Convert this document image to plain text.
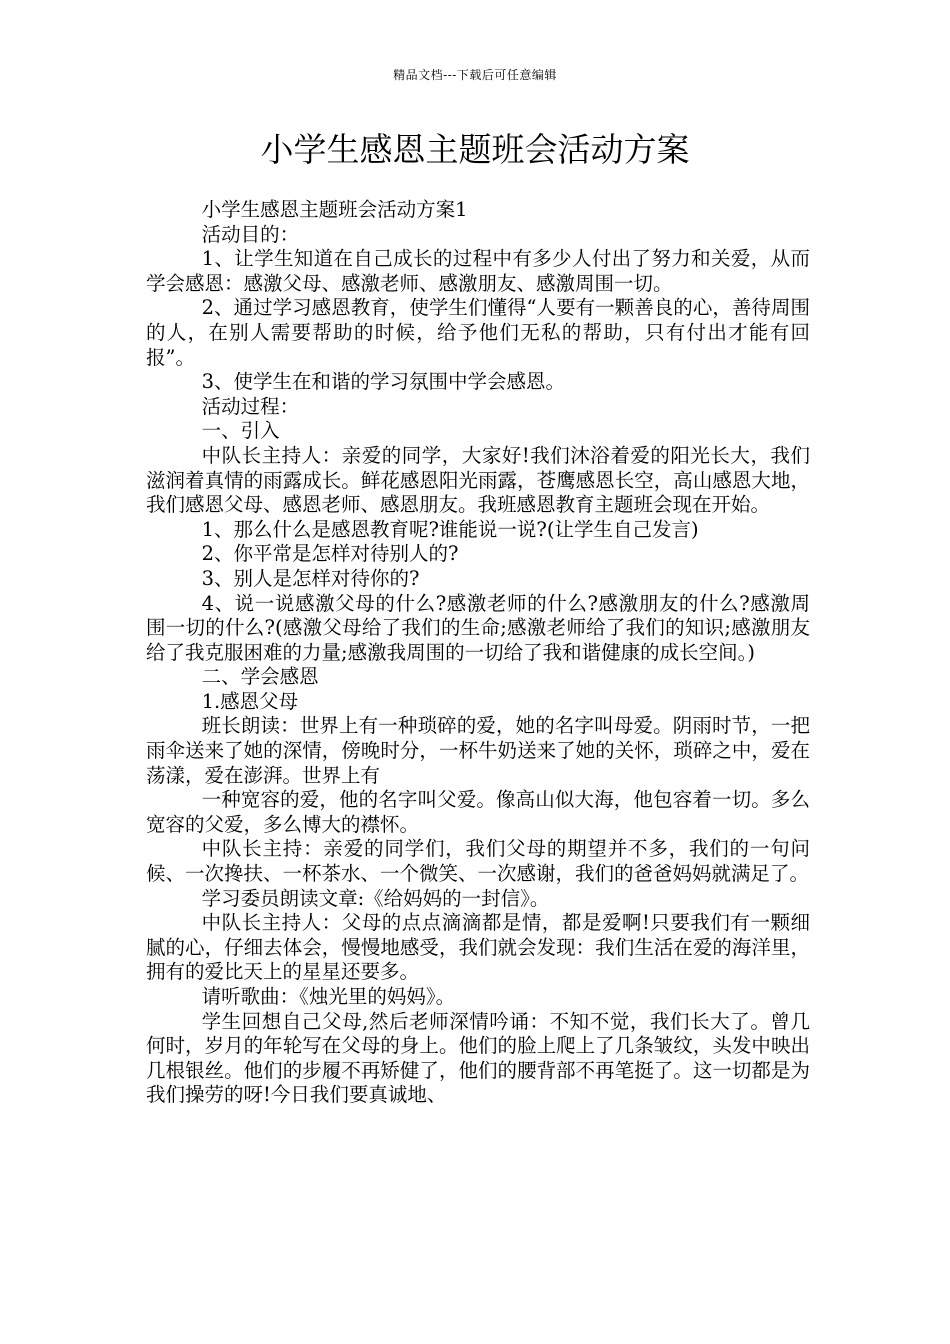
精品文档---下载后可任意编辑
小学生感恩主题班会活动方案

小学生感恩主题班会活动方案1

活动目的：

1、让学生知道在自己成长的过程中有多少人付出了努力和关爱，从而学会感恩：感激父母、感激老师、感激朋友、感激周围一切。

2、通过学习感恩教育，使学生们懂得“人要有一颗善良的心，善待周围的人，在别人需要帮助的时候，给予他们无私的帮助，只有付出才能有回报”。

3、使学生在和谐的学习氛围中学会感恩。

活动过程：

一、引入

中队长主持人：亲爱的同学，大家好!我们沐浴着爱的阳光长大，我们滋润着真情的雨露成长。鲜花感恩阳光雨露，苍鹰感恩长空，高山感恩大地，我们感恩父母、感恩老师、感恩朋友。我班感恩教育主题班会现在开始。

1、那么什么是感恩教育呢?谁能说一说?(让学生自己发言)

2、你平常是怎样对待别人的?

3、别人是怎样对待你的?

4、说一说感激父母的什么?感激老师的什么?感激朋友的什么?感激周围一切的什么?(感激父母给了我们的生命;感激老师给了我们的知识;感激朋友给了我克服困难的力量;感激我周围的一切给了我和谐健康的成长空间。)

二、学会感恩

1.感恩父母

班长朗读：世界上有一种琐碎的爱，她的名字叫母爱。阴雨时节，一把雨伞送来了她的深情，傍晚时分，一杯牛奶送来了她的关怀，琐碎之中，爱在荡漾，爱在澎湃。世界上有

一种宽容的爱，他的名字叫父爱。像高山似大海，他包容着一切。多么宽容的父爱，多么博大的襟怀。

中队长主持：亲爱的同学们，我们父母的期望并不多，我们的一句问候、一次搀扶、一杯茶水、一个微笑、一次感谢，我们的爸爸妈妈就满足了。

学习委员朗读文章:《给妈妈的一封信》。

中队长主持人：父母的点点滴滴都是情，都是爱啊!只要我们有一颗细腻的心，仔细去体会，慢慢地感受，我们就会发现：我们生活在爱的海洋里，拥有的爱比天上的星星还要多。

请听歌曲：《烛光里的妈妈》。

学生回想自己父母,然后老师深情吟诵：不知不觉，我们长大了。曾几何时，岁月的年轮写在父母的身上。他们的脸上爬上了几条皱纹，头发中映出几根银丝。他们的步履不再矫健了，他们的腰背部不再笔挺了。这一切都是为我们操劳的呀!今日我们要真诚地、
